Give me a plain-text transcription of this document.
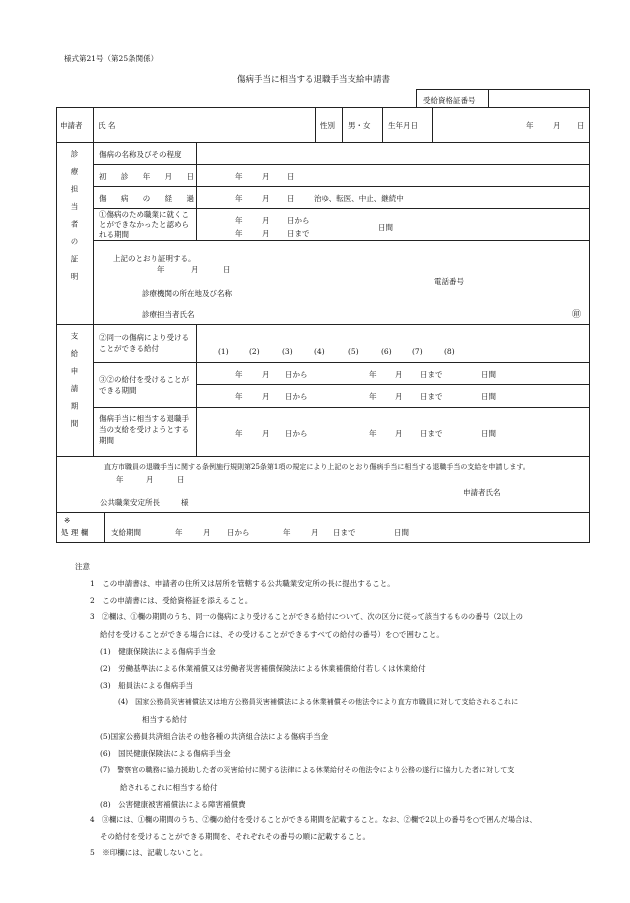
様式第21号（第25条関係）
傷病手当に相当する退職手当支給申請書
受給資格証番号
申請者 氏 名	性別 男・女 生年月日	年	月 日
診療担当者の証明	傷病の名称及びその程度
初 診 年 月 日	年	月 日
傷 病 の 経 過	年	月 日	治ゆ、転医、中止、継続中
①傷病のため職業に就くことができなかったと認められる期間
年	月 日から
年	月 日まで
日間
上記のとおり証明する。
年	月	日
電話番号
診療機関の所在地及び名称
診療担当者氏名	㊞
支給申請期間	②同一の傷病により受けることができる給付	(1)	(2)	(3)	(4)	(5)	(6)	(7)	(8)
③②の給付を受けることができる期間
年	月 日から	年 月 日まで	日間
年	月 日から	年 月 日まで	日間
傷病手当に相当する退職手当の支給を受けようとする期間
年	月 日から	年 月 日まで	日間
直方市職員の退職手当に関する条例施行規則第25条第1項の規定により上記のとおり傷病手当に相当する退職手当の支給を申請します。
年	月	日
申請者氏名
公共職業安定所長	様
※
処 理 欄	支給期間	年	月 日から	年	月 日まで	日間
注意
1　この申請書は、申請者の住所又は居所を管轄する公共職業安定所の長に提出すること。
2　この申請書には、受給資格証を添えること。
3　②欄は、①欄の期間のうち、同一の傷病により受けることができる給付について、次の区分に従って該当するものの番号（2以上の
給付を受けることができる場合には、その受けることができるすべての給付の番号）を○で囲むこと。
(1)　健康保険法による傷病手当金
(2)　労働基準法による休業補償又は労働者災害補償保険法による休業補償給付若しくは休業給付
(3)　船員法による傷病手当
(4)　国家公務員災害補償法又は地方公務員災害補償法による休業補償その他法令により直方市職員に対して支給されるこれに
相当する給付
(5)国家公務員共済組合法その他各種の共済組合法による傷病手当金
(6)　国民健康保険法による傷病手当金
(7)　警察官の職務に協力援助した者の災害給付に関する法律による休業給付その他法令により公務の遂行に協力した者に対して支
給されるこれに相当する給付
(8)　公害健康被害補償法による障害補償費
4　③欄には、①欄の期間のうち、②欄の給付を受けることができる期間を記載すること。なお、②欄で2以上の番号を○で囲んだ場合は、
その給付を受けることができる期間を、それぞれその番号の順に記載すること。
5　※印欄には、記載しないこと。
